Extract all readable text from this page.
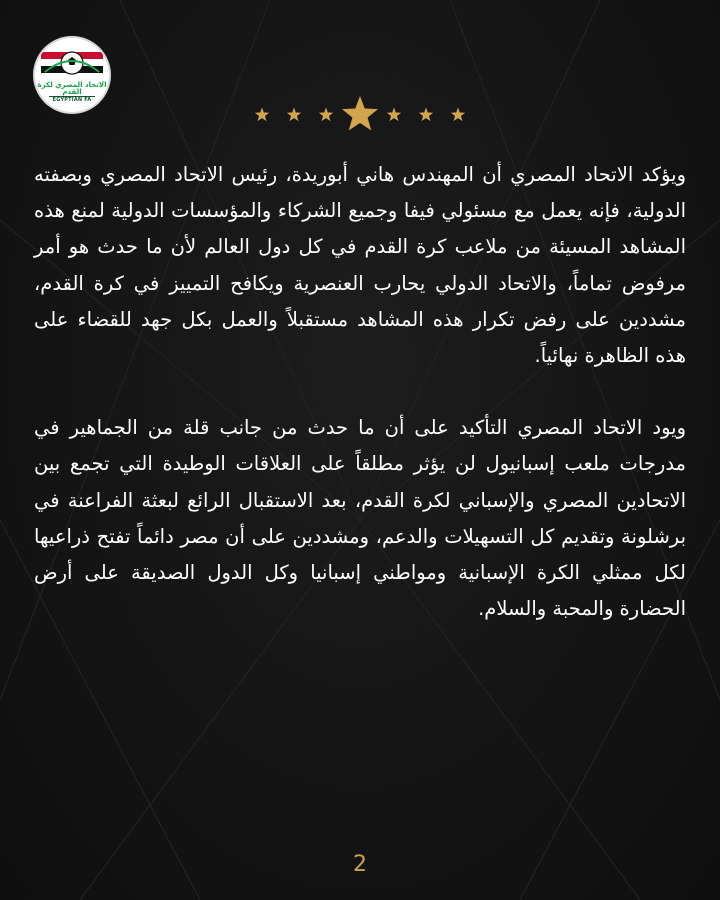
الاتحاد المصري لكرة القدم
EGYPTIAN FA

ويؤكد الاتحاد المصري أن المهندس هاني أبوريدة، رئيس الاتحاد المصري وبصفته الدولية، فإنه يعمل مع مسئولي فيفا وجميع الشركاء والمؤسسات الدولية لمنع هذه المشاهد المسيئة من ملاعب كرة القدم في كل دول العالم لأن ما حدث هو أمر مرفوض تماماً، والاتحاد الدولي يحارب العنصرية ويكافح التمييز في كرة القدم، مشددين على رفض تكرار هذه المشاهد مستقبلاً والعمل بكل جهد للقضاء على هذه الظاهرة نهائياً.

ويود الاتحاد المصري التأكيد على أن ما حدث من جانب قلة من الجماهير في مدرجات ملعب إسبانيول لن يؤثر مطلقاً على العلاقات الوطيدة التي تجمع بين الاتحادين المصري والإسباني لكرة القدم، بعد الاستقبال الرائع لبعثة الفراعنة في برشلونة وتقديم كل التسهيلات والدعم، ومشددين على أن مصر دائماً تفتح ذراعيها لكل ممثلي الكرة الإسبانية ومواطني إسبانيا وكل الدول الصديقة على أرض الحضارة والمحبة والسلام.

2
